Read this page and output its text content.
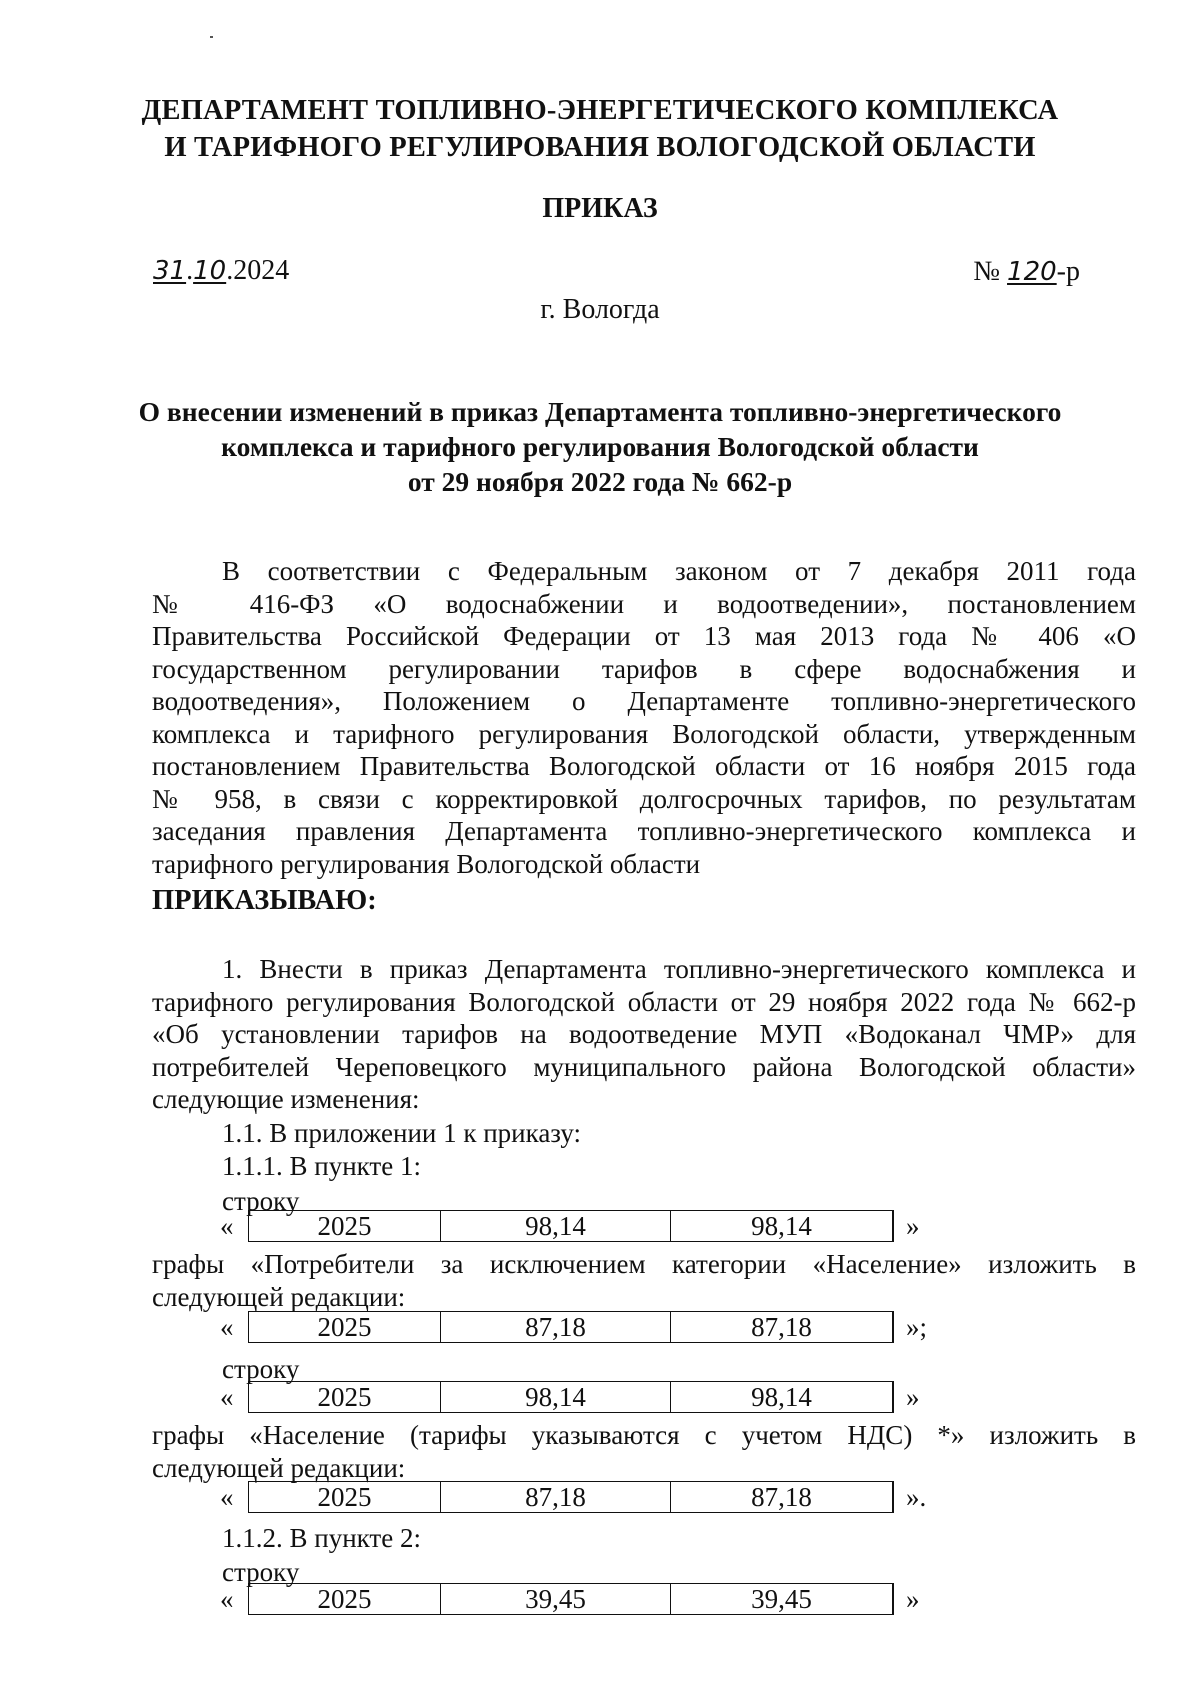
ДЕПАРТАМЕНТ ТОПЛИВНО-ЭНЕРГЕТИЧЕСКОГО КОМПЛЕКСА
И ТАРИФНОГО РЕГУЛИРОВАНИЯ ВОЛОГОДСКОЙ ОБЛАСТИ
ПРИКАЗ
31.10.2024	№ 120-р
г. Вологда
О внесении изменений в приказ Департамента топливно-энергетического
комплекса и тарифного регулирования Вологодской области
от 29 ноября 2022 года № 662-р
В соответствии с Федеральным законом от 7 декабря 2011 года
№ 416-ФЗ «О водоснабжении и водоотведении», постановлением
Правительства Российской Федерации от 13 мая 2013 года № 406 «О
государственном регулировании тарифов в сфере водоснабжения и
водоотведения», Положением о Департаменте топливно-энергетического
комплекса и тарифного регулирования Вологодской области, утвержденным
постановлением Правительства Вологодской области от 16 ноября 2015 года
№ 958, в связи с корректировкой долгосрочных тарифов, по результатам
заседания правления Департамента топливно-энергетического комплекса и
тарифного регулирования Вологодской области
ПРИКАЗЫВАЮ:
1. Внести в приказ Департамента топливно-энергетического комплекса и
тарифного регулирования Вологодской области от 29 ноября 2022 года № 662-р
«Об установлении тарифов на водоотведение МУП «Водоканал ЧМР» для
потребителей Череповецкого муниципального района Вологодской области»
следующие изменения:
1.1. В приложении 1 к приказу:
1.1.1. В пункте 1:
строку
«	2025	98,14	98,14	»
графы «Потребители за исключением категории «Население» изложить в
следующей редакции:
«	2025	87,18	87,18	»;
строку
«	2025	98,14	98,14	»
графы «Население (тарифы указываются с учетом НДС) *» изложить в
следующей редакции:
«	2025	87,18	87,18	».
1.1.2. В пункте 2:
строку
«	2025	39,45	39,45	»
